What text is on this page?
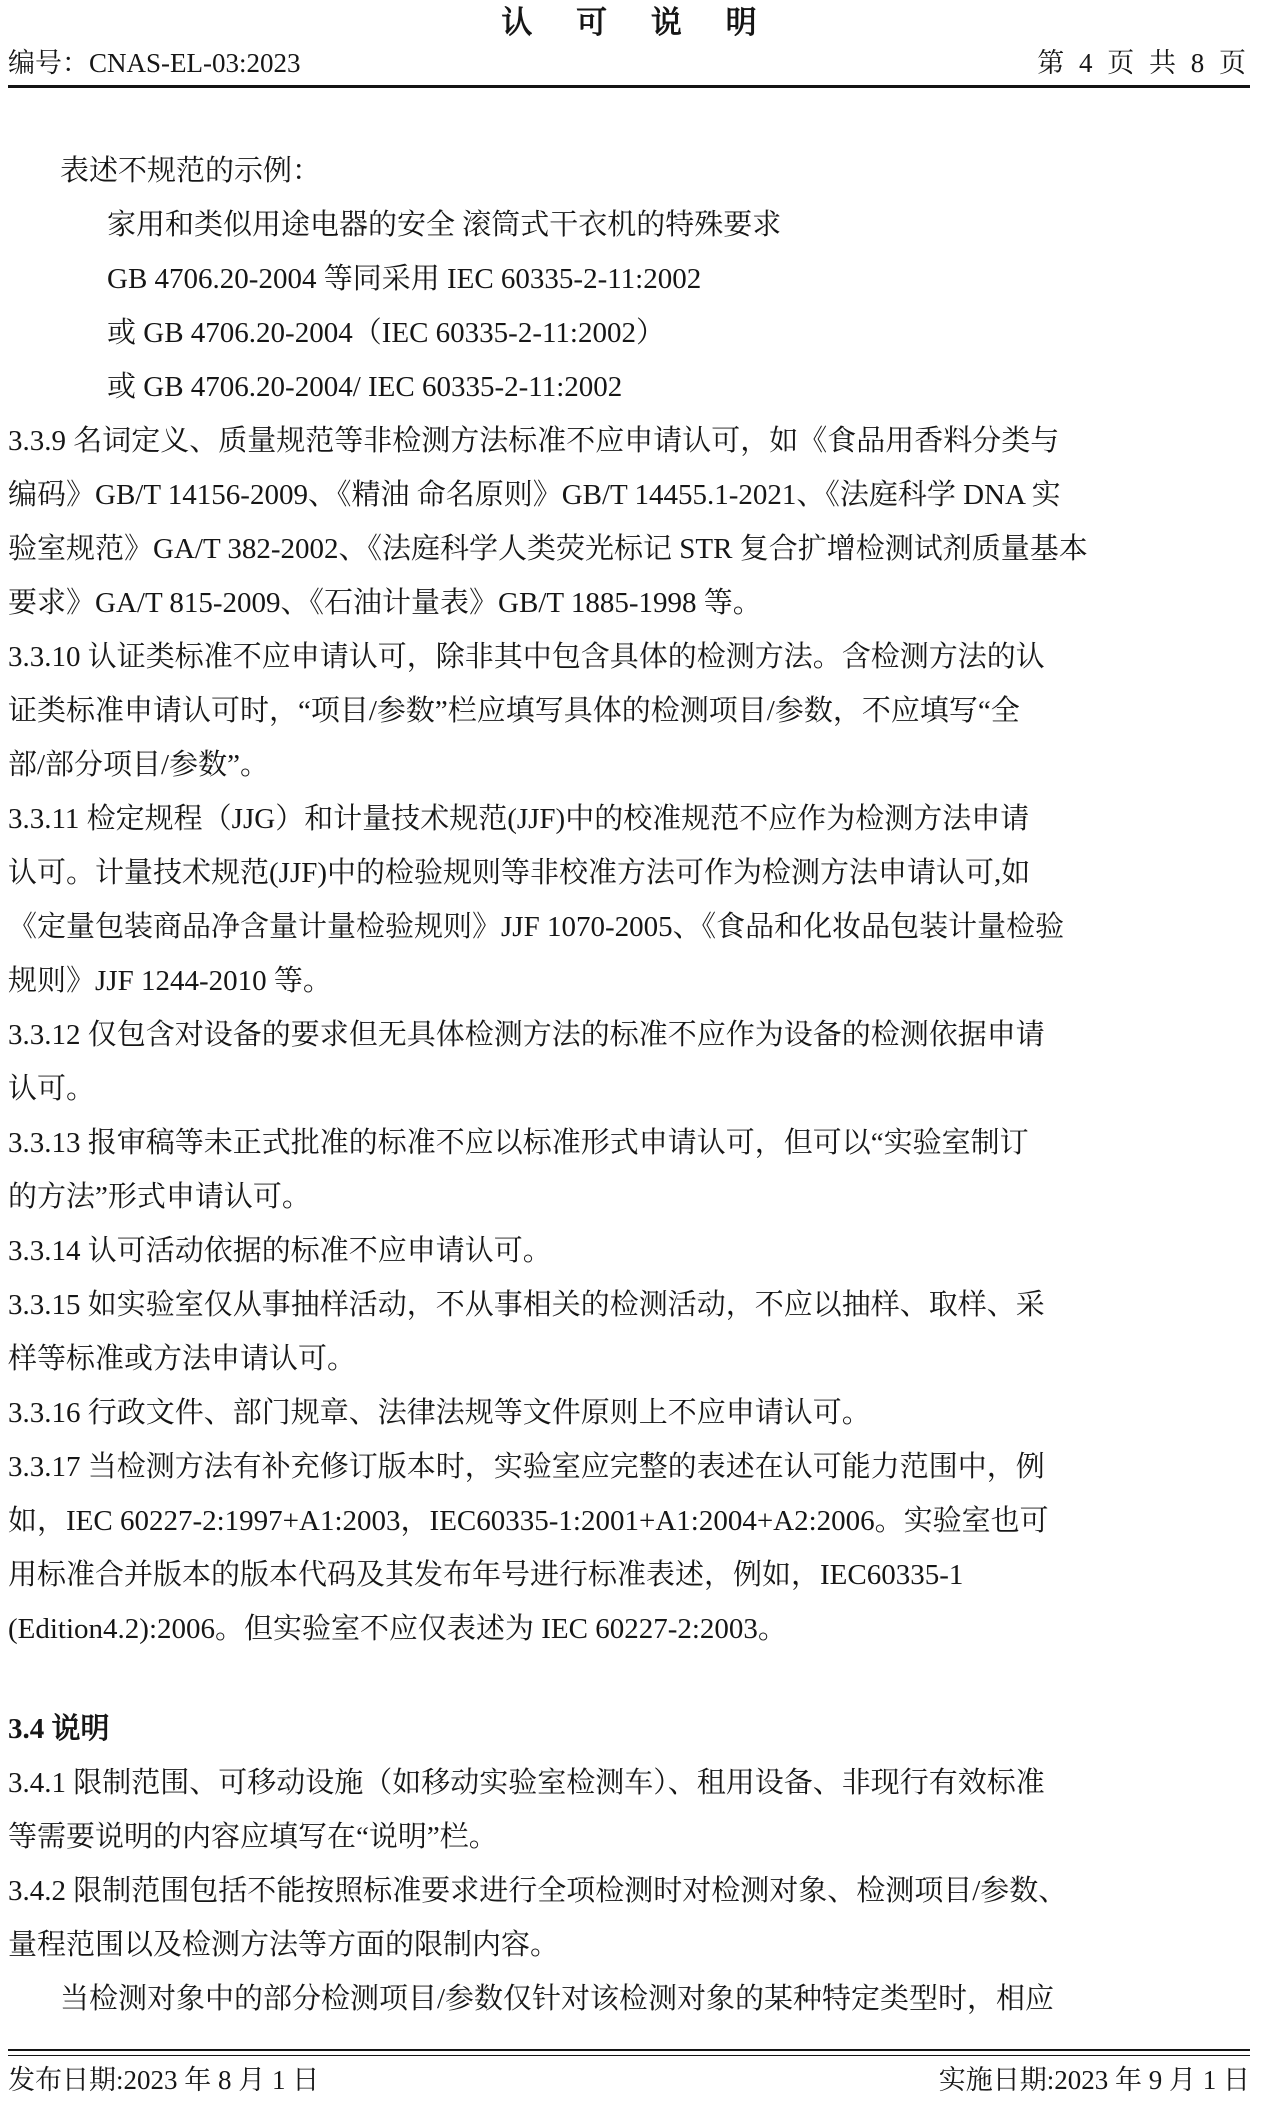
认 可 说 明
编号：CNAS-EL-03:2023	第 4 页 共 8 页
表述不规范的示例：
家用和类似用途电器的安全 滚筒式干衣机的特殊要求
GB 4706.20-2004 等同采用 IEC 60335-2-11:2002
或 GB 4706.20-2004（IEC 60335-2-11:2002）
或 GB 4706.20-2004/ IEC 60335-2-11:2002
3.3.9 名词定义、质量规范等非检测方法标准不应申请认可，如《食品用香料分类与
编码》GB/T 14156-2009、《精油 命名原则》GB/T 14455.1-2021、《法庭科学 DNA 实
验室规范》GA/T 382-2002、《法庭科学人类荧光标记 STR 复合扩增检测试剂质量基本
要求》GA/T 815-2009、《石油计量表》GB/T 1885-1998 等。
3.3.10 认证类标准不应申请认可，除非其中包含具体的检测方法。含检测方法的认
证类标准申请认可时，“项目/参数”栏应填写具体的检测项目/参数，不应填写“全
部/部分项目/参数”。
3.3.11 检定规程（JJG）和计量技术规范(JJF)中的校准规范不应作为检测方法申请
认可。计量技术规范(JJF)中的检验规则等非校准方法可作为检测方法申请认可,如
《定量包装商品净含量计量检验规则》JJF 1070-2005、《食品和化妆品包装计量检验
规则》JJF 1244-2010 等。
3.3.12 仅包含对设备的要求但无具体检测方法的标准不应作为设备的检测依据申请
认可。
3.3.13 报审稿等未正式批准的标准不应以标准形式申请认可，但可以“实验室制订
的方法”形式申请认可。
3.3.14 认可活动依据的标准不应申请认可。
3.3.15 如实验室仅从事抽样活动，不从事相关的检测活动，不应以抽样、取样、采
样等标准或方法申请认可。
3.3.16 行政文件、部门规章、法律法规等文件原则上不应申请认可。
3.3.17 当检测方法有补充修订版本时，实验室应完整的表述在认可能力范围中，例
如，IEC 60227-2:1997+A1:2003，IEC60335-1:2001+A1:2004+A2:2006。实验室也可
用标准合并版本的版本代码及其发布年号进行标准表述，例如，IEC60335-1
(Edition4.2):2006。但实验室不应仅表述为 IEC 60227-2:2003。
3.4 说明
3.4.1 限制范围、可移动设施（如移动实验室检测车）、租用设备、非现行有效标准
等需要说明的内容应填写在“说明”栏。
3.4.2 限制范围包括不能按照标准要求进行全项检测时对检测对象、检测项目/参数、
量程范围以及检测方法等方面的限制内容。
当检测对象中的部分检测项目/参数仅针对该检测对象的某种特定类型时，相应
发布日期:2023 年 8 月 1 日	实施日期:2023 年 9 月 1 日
